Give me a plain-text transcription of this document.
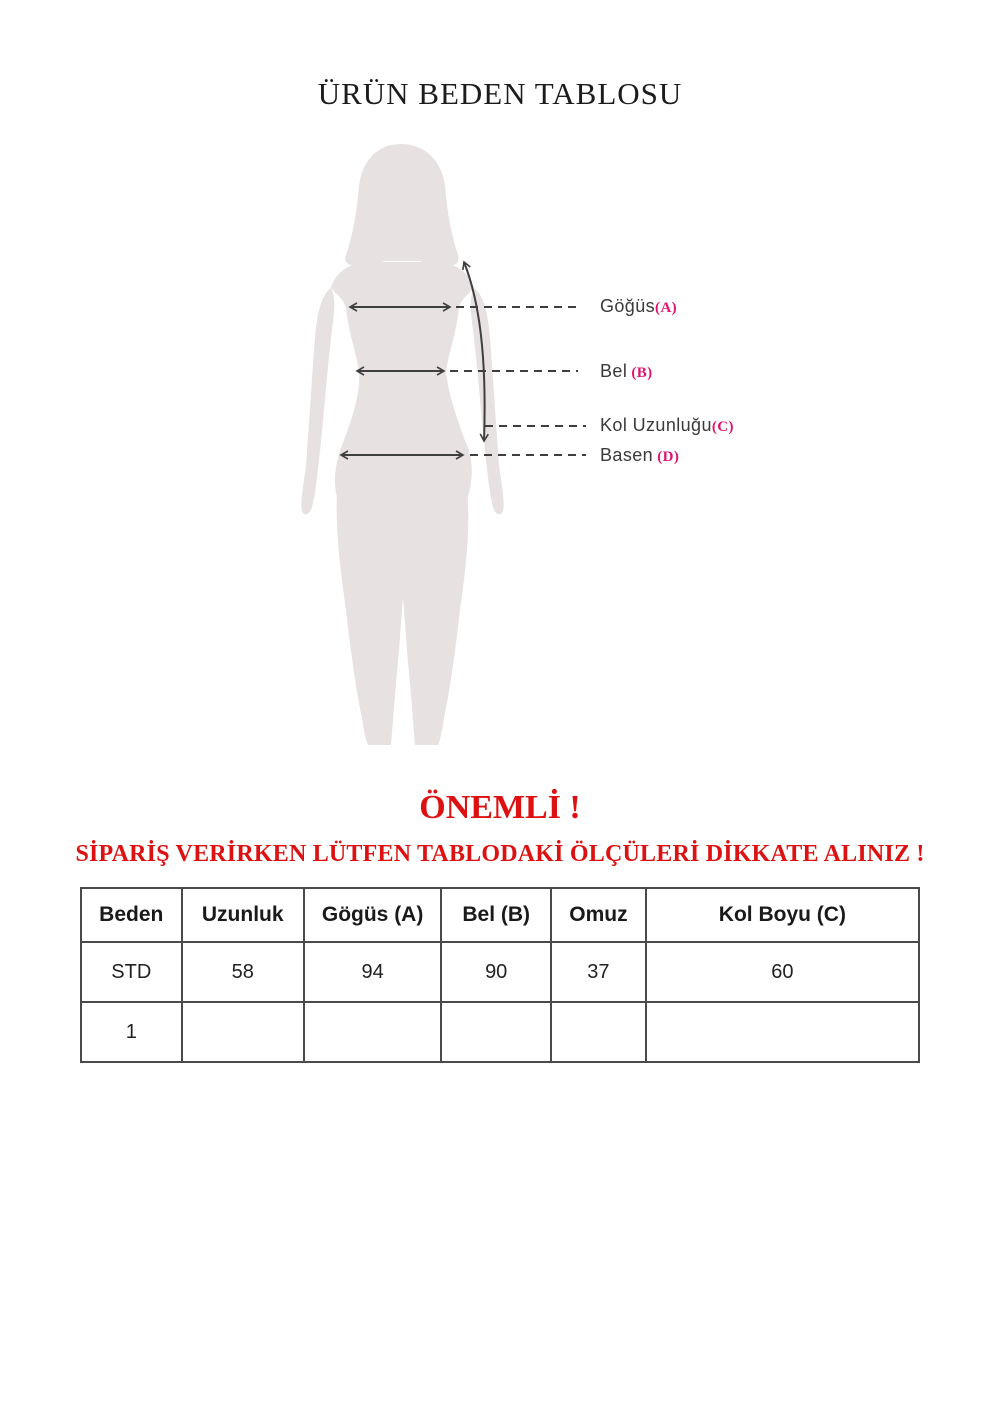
ÜRÜN BEDEN TABLOSU
Göğüs(A)
Bel (B)
Kol Uzunluğu(C)
Basen (D)
ÖNEMLİ !
SİPARİŞ VERİRKEN LÜTFEN TABLODAKİ ÖLÇÜLERİ DİKKATE ALINIZ !
Beden	Uzunluk	Gögüs (A)	Bel (B)	Omuz	Kol Boyu (C)
STD	58	94	90	37	60
1					
